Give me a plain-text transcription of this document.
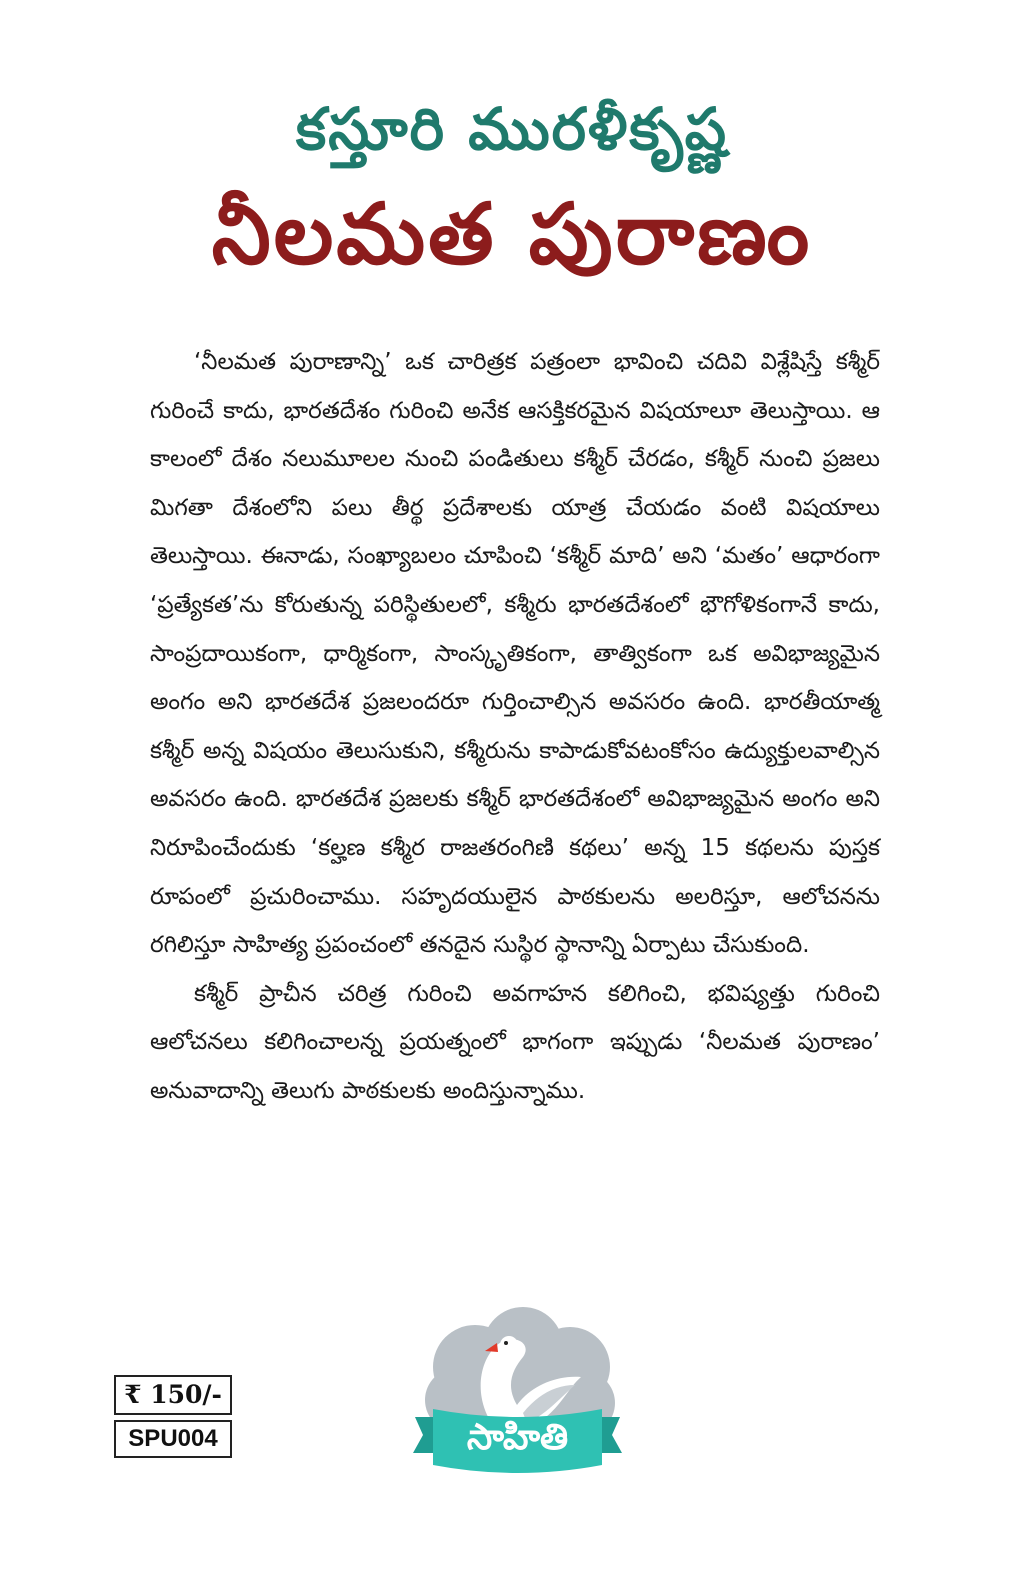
కస్తూరి మురళీకృష్ణ
నీలమత పురాణం

‘నీలమత పురాణాన్ని’ ఒక చారిత్రక పత్రంలా భావించి చదివి విశ్లేషిస్తే కశ్మీర్ గురించే కాదు, భారతదేశం గురించి అనేక ఆసక్తికరమైన విషయాలూ తెలుస్తాయి. ఆ కాలంలో దేశం నలుమూలల నుంచి పండితులు కశ్మీర్ చేరడం, కశ్మీర్ నుంచి ప్రజలు మిగతా దేశంలోని పలు తీర్థ ప్రదేశాలకు యాత్ర చేయడం వంటి విషయాలు తెలుస్తాయి. ఈనాడు, సంఖ్యాబలం చూపించి ‘కశ్మీర్ మాది’ అని ‘మతం’ ఆధారంగా ‘ప్రత్యేకత’ను కోరుతున్న పరిస్థితులలో, కశ్మీరు భారతదేశంలో భౌగోళికంగానే కాదు, సాంప్రదాయికంగా, ధార్మికంగా, సాంస్కృతికంగా, తాత్వికంగా ఒక అవిభాజ్యమైన అంగం అని భారతదేశ ప్రజలందరూ గుర్తించాల్సిన అవసరం ఉంది. భారతీయాత్మ కశ్మీర్ అన్న విషయం తెలుసుకుని, కశ్మీరును కాపాడుకోవటంకోసం ఉద్యుక్తులవాల్సిన అవసరం ఉంది. భారతదేశ ప్రజలకు కశ్మీర్ భారతదేశంలో అవిభాజ్యమైన అంగం అని నిరూపించేందుకు ‘కల్హణ కశ్మీర రాజతరంగిణి కథలు’ అన్న 15 కథలను పుస్తక రూపంలో ప్రచురించాము. సహృదయులైన పాఠకులను అలరిస్తూ, ఆలోచనను రగిలిస్తూ సాహిత్య ప్రపంచంలో తనదైన సుస్థిర స్థానాన్ని ఏర్పాటు చేసుకుంది.

కశ్మీర్ ప్రాచీన చరిత్ర గురించి అవగాహన కలిగించి, భవిష్యత్తు గురించి ఆలోచనలు కలిగించాలన్న ప్రయత్నంలో భాగంగా ఇప్పుడు ‘నీలమత పురాణం’ అనువాదాన్ని తెలుగు పాఠకులకు అందిస్తున్నాము.

₹ 150/-
SPU004	సాహితి
